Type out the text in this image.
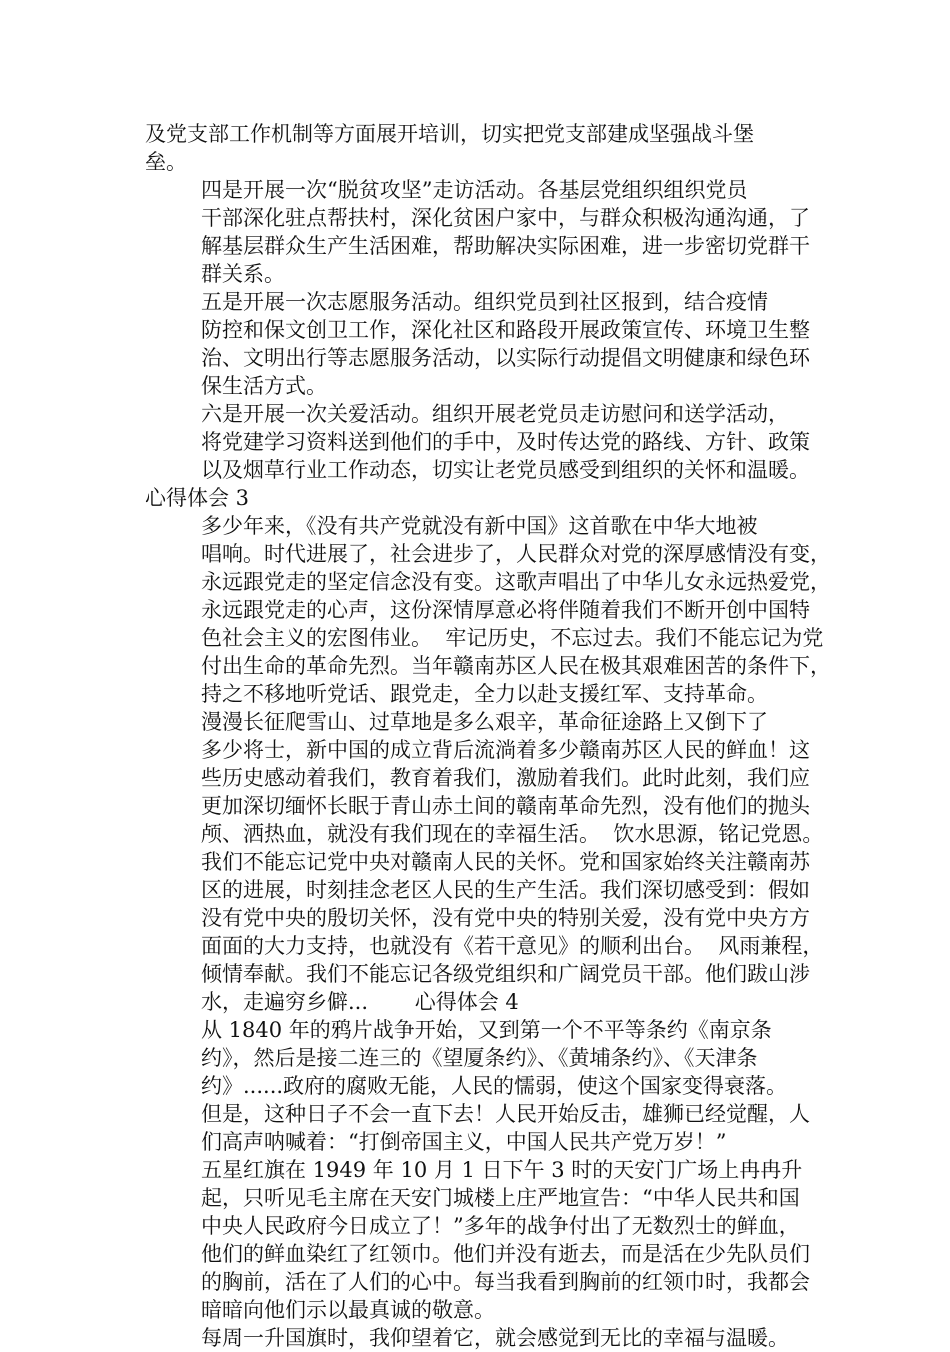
及党支部工作机制等方面展开培训，切实把党支部建成坚强战斗堡
垒。
四是开展一次“脱贫攻坚”走访活动。各基层党组织组织党员
干部深化驻点帮扶村，深化贫困户家中，与群众积极沟通沟通，了
解基层群众生产生活困难，帮助解决实际困难，进一步密切党群干
群关系。
五是开展一次志愿服务活动。组织党员到社区报到，结合疫情
防控和保文创卫工作，深化社区和路段开展政策宣传、环境卫生整
治、文明出行等志愿服务活动，以实际行动提倡文明健康和绿色环
保生活方式。
六是开展一次关爱活动。组织开展老党员走访慰问和送学活动，
将党建学习资料送到他们的手中，及时传达党的路线、方针、政策
以及烟草行业工作动态，切实让老党员感受到组织的关怀和温暖。
心得体会 3
多少年来，《没有共产党就没有新中国》这首歌在中华大地被
唱响。时代进展了，社会进步了，人民群众对党的深厚感情没有变，
永远跟党走的坚定信念没有变。这歌声唱出了中华儿女永远热爱党，
永远跟党走的心声，这份深情厚意必将伴随着我们不断开创中国特
色社会主义的宏图伟业。  牢记历史，不忘过去。我们不能忘记为党
付出生命的革命先烈。当年赣南苏区人民在极其艰难困苦的条件下，
持之不移地听党话、跟党走，全力以赴支援红军、支持革命。
漫漫长征爬雪山、过草地是多么艰辛，革命征途路上又倒下了
多少将士，新中国的成立背后流淌着多少赣南苏区人民的鲜血！这
些历史感动着我们，教育着我们，激励着我们。此时此刻，我们应
更加深切缅怀长眠于青山赤土间的赣南革命先烈，没有他们的抛头
颅、洒热血，就没有我们现在的幸福生活。  饮水思源，铭记党恩。
我们不能忘记党中央对赣南人民的关怀。党和国家始终关注赣南苏
区的进展，时刻挂念老区人民的生产生活。我们深切感受到：假如
没有党中央的殷切关怀，没有党中央的特别关爱，没有党中央方方
面面的大力支持，也就没有《若干意见》的顺利出台。  风雨兼程，
倾情奉献。我们不能忘记各级党组织和广阔党员干部。他们跋山涉
水，走遍穷乡僻...       心得体会 4
从 1840 年的鸦片战争开始，又到第一个不平等条约《南京条
约》，然后是接二连三的《望厦条约》、《黄埔条约》、《天津条
约》......政府的腐败无能，人民的懦弱，使这个国家变得衰落。
但是，这种日子不会一直下去！人民开始反击，雄狮已经觉醒，人
们高声呐喊着：“打倒帝国主义，中国人民共产党万岁！”
五星红旗在 1949 年 10 月 1 日下午 3 时的天安门广场上冉冉升
起，只听见毛主席在天安门城楼上庄严地宣告：“中华人民共和国
中央人民政府今日成立了！”多年的战争付出了无数烈士的鲜血，
他们的鲜血染红了红领巾。他们并没有逝去，而是活在少先队员们
的胸前，活在了人们的心中。每当我看到胸前的红领巾时，我都会
暗暗向他们示以最真诚的敬意。
每周一升国旗时，我仰望着它，就会感觉到无比的幸福与温暖。
